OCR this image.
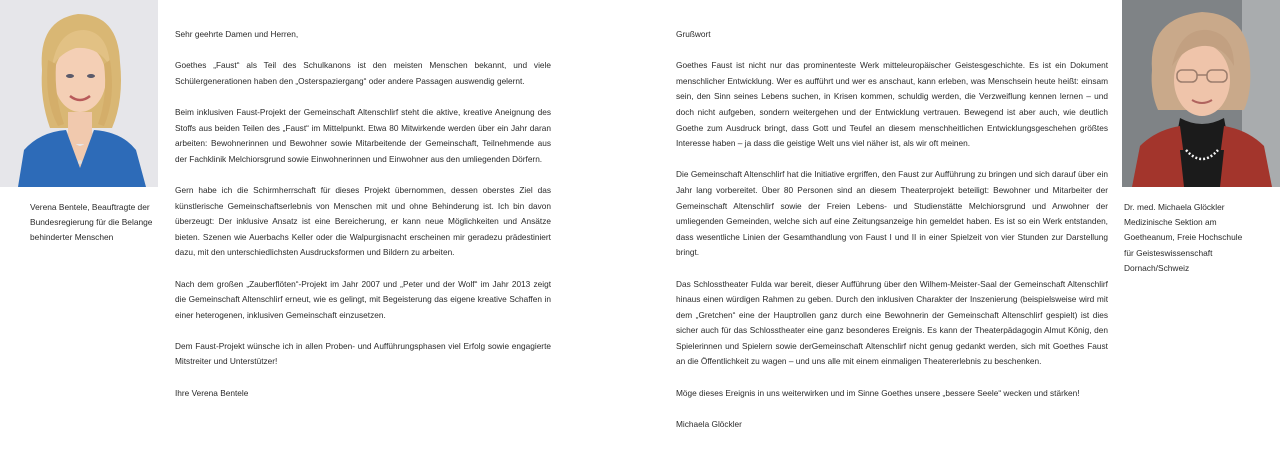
Verena Bentele, Beauftragte der Bundesregierung für die Belange behinderter Menschen

Sehr geehrte Damen und Herren,

Goethes „Faust“ als Teil des Schulkanons ist den meisten Menschen bekannt, und viele Schülergenerationen haben den „Osterspaziergang“ oder andere Passagen auswendig gelernt.

Beim inklusiven Faust-Projekt der Gemeinschaft Altenschlirf steht die aktive, kreative Aneignung des Stoffs aus beiden Teilen des „Faust“ im Mittelpunkt. Etwa 80 Mitwirkende werden über ein Jahr daran arbeiten: Bewohnerinnen und Bewohner sowie Mitarbeitende der Gemeinschaft, Teilnehmende aus der Fachklinik Melchiorsgrund sowie Einwohnerinnen und Einwohner aus den umliegenden Dörfern.

Gern habe ich die Schirmherrschaft für dieses Projekt übernommen, dessen oberstes Ziel das künstlerische Gemeinschaftserlebnis von Menschen mit und ohne Behinderung ist. Ich bin davon überzeugt: Der inklusive Ansatz ist eine Bereicherung, er kann neue Möglichkeiten und Ansätze bieten. Szenen wie Auerbachs Keller oder die Walpurgisnacht erscheinen mir geradezu prädestiniert dazu, mit den unterschiedlichsten Ausdrucksformen und Bildern zu arbeiten.

Nach dem großen „Zauberflöten“-Projekt im Jahr 2007 und „Peter und der Wolf“ im Jahr 2013 zeigt die Gemeinschaft Altenschlirf erneut, wie es gelingt, mit Begeisterung das eigene kreative Schaffen in einer heterogenen, inklusiven Gemeinschaft einzusetzen.

Dem Faust-Projekt wünsche ich in allen Proben- und Aufführungsphasen viel Erfolg sowie engagierte Mitstreiter und Unterstützer!

Ihre Verena Bentele

Grußwort

Goethes Faust ist nicht nur das prominenteste Werk mitteleuropäischer Geistesgeschichte. Es ist ein Dokument menschlicher Entwicklung. Wer es aufführt und wer es anschaut, kann erleben, was Menschsein heute heißt: einsam sein, den Sinn seines Lebens suchen, in Krisen kommen, schuldig werden, die Verzweiflung kennen lernen – und doch nicht aufgeben, sondern weitergehen und der Entwicklung vertrauen. Bewegend ist aber auch, wie deutlich Goethe zum Ausdruck bringt, dass Gott und Teufel an diesem menschheitlichen Entwicklungsgeschehen größtes Interesse haben – ja dass die geistige Welt uns viel näher ist, als wir oft meinen.

Die Gemeinschaft Altenschlirf hat die Initiative ergriffen, den Faust zur Aufführung zu bringen und sich darauf über ein Jahr lang vorbereitet. Über 80 Personen sind an diesem Theaterprojekt beteiligt: Bewohner und Mitarbeiter der Gemeinschaft Altenschlirf sowie der Freien Lebens- und Studienstätte Melchiorsgrund und Anwohner der umliegenden Gemeinden, welche sich auf eine Zeitungsanzeige hin gemeldet haben. Es ist so ein Werk entstanden, dass wesentliche Linien der Gesamthandlung von Faust I und II in einer Spielzeit von vier Stunden zur Darstellung bringt.

Das Schlosstheater Fulda war bereit, dieser Aufführung über den Wilhem-Meister-Saal der Gemeinschaft Altenschlirf hinaus einen würdigen Rahmen zu geben. Durch den inklusiven Charakter der Inszenierung (beispielsweise wird mit dem „Gretchen“ eine der Hauptrollen ganz durch eine Bewohnerin der Gemeinschaft Altenschlirf gespielt) ist dies sicher auch für das Schlosstheater eine ganz besonderes Ereignis. Es kann der Theaterpädagogin Almut König, den Spielerinnen und Spielern sowie derGemeinschaft Altenschlirf nicht genug gedankt werden, sich mit Goethes Faust an die Öffentlichkeit zu wagen – und uns alle mit einem einmaligen Theatererlebnis zu beschenken.

Möge dieses Ereignis in uns weiterwirken und im Sinne Goethes unsere „bessere Seele“ wecken und stärken!

Michaela Glöckler

Dr. med. Michaela Glöckler
Medizinische Sektion am
Goetheanum, Freie Hochschule
für Geisteswissenschaft
Dornach/Schweiz
